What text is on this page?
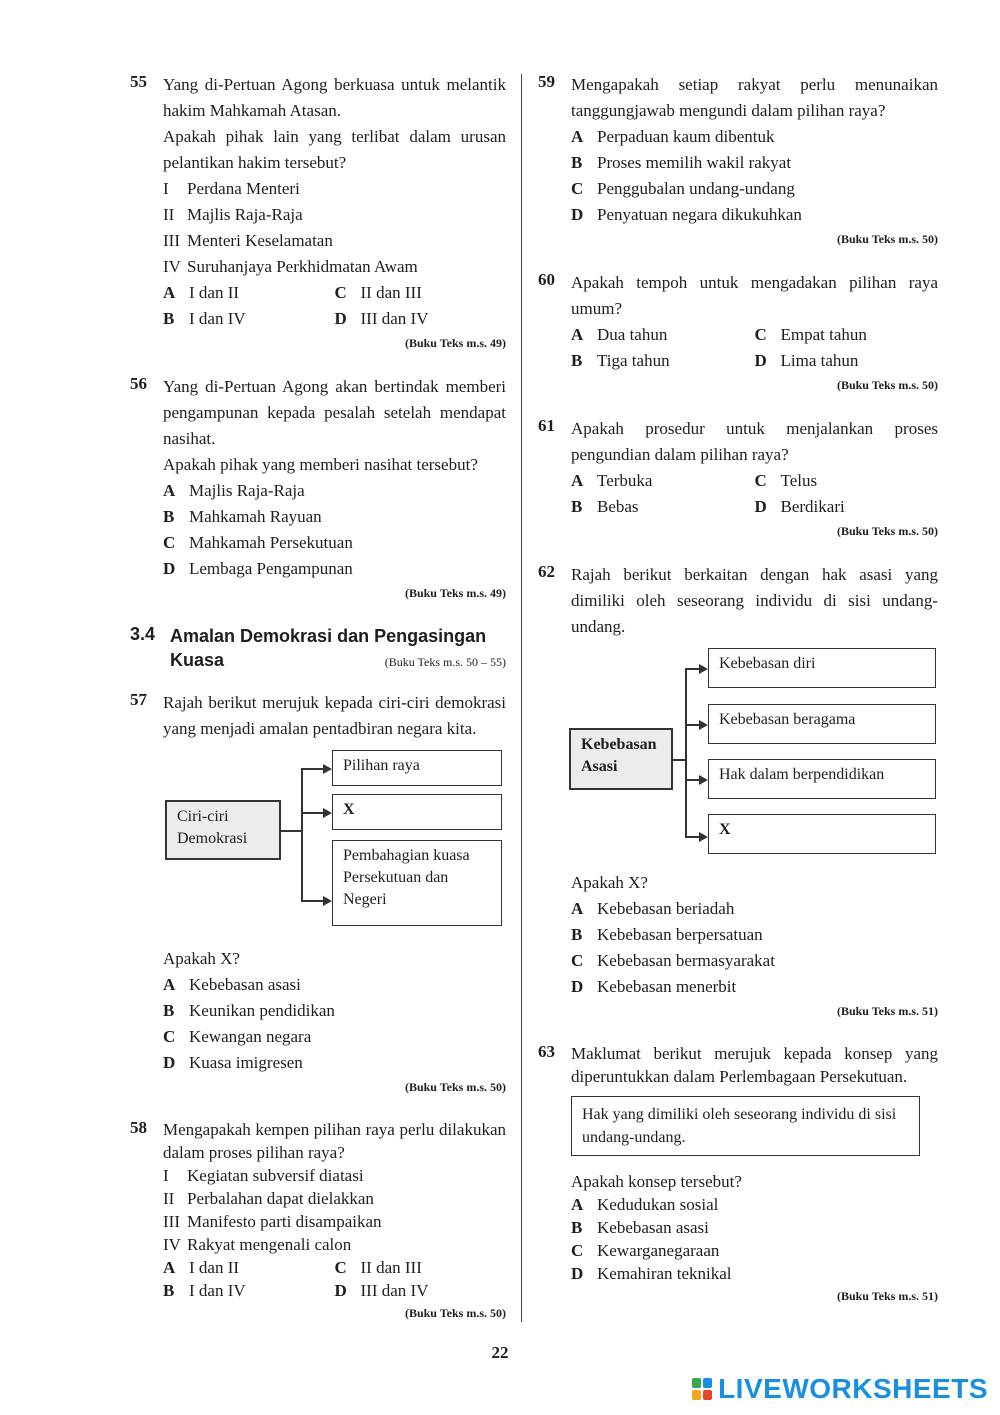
55 Yang di-Pertuan Agong berkuasa untuk melantik hakim Mahkamah Atasan.
Apakah pihak lain yang terlibat dalam urusan pelantikan hakim tersebut?
I	Perdana Menteri
II Majlis Raja-Raja
III Menteri Keselamatan
IV Suruhanjaya Perkhidmatan Awam
A I dan II	C II dan III
B I dan IV	D III dan IV
(Buku Teks m.s. 49)
56 Yang di-Pertuan Agong akan bertindak memberi pengampunan kepada pesalah setelah mendapat nasihat.
Apakah pihak yang memberi nasihat tersebut?
A Majlis Raja-Raja
B Mahkamah Rayuan
C Mahkamah Persekutuan
D Lembaga Pengampunan
(Buku Teks m.s. 49)
3.4 Amalan Demokrasi dan Pengasingan Kuasa	(Buku Teks m.s. 50 – 55)
57 Rajah berikut merujuk kepada ciri-ciri demokrasi yang menjadi amalan pentadbiran negara kita.
Ciri-ciri Demokrasi
Pilihan raya
X
Pembahagian kuasa Persekutuan dan Negeri
Apakah X?
A Kebebasan asasi
B Keunikan pendidikan
C Kewangan negara
D Kuasa imigresen
(Buku Teks m.s. 50)
58 Mengapakah kempen pilihan raya perlu dilakukan dalam proses pilihan raya?
I	Kegiatan subversif diatasi
II Perbalahan dapat dielakkan
III Manifesto parti disampaikan
IV Rakyat mengenali calon
A I dan II	C II dan III
B I dan IV	D III dan IV
(Buku Teks m.s. 50)
59 Mengapakah setiap rakyat perlu menunaikan tanggungjawab mengundi dalam pilihan raya?
A Perpaduan kaum dibentuk
B Proses memilih wakil rakyat
C Penggubalan undang-undang
D Penyatuan negara dikukuhkan
(Buku Teks m.s. 50)
60 Apakah tempoh untuk mengadakan pilihan raya umum?
A Dua tahun	C Empat tahun
B Tiga tahun	D Lima tahun
(Buku Teks m.s. 50)
61 Apakah prosedur untuk menjalankan proses pengundian dalam pilihan raya?
A Terbuka	C Telus
B Bebas	D Berdikari
(Buku Teks m.s. 50)
62 Rajah berikut berkaitan dengan hak asasi yang dimiliki oleh seseorang individu di sisi undang-undang.
Kebebasan Asasi
Kebebasan diri
Kebebasan beragama
Hak dalam berpendidikan
X
Apakah X?
A Kebebasan beriadah
B Kebebasan berpersatuan
C Kebebasan bermasyarakat
D Kebebasan menerbit
(Buku Teks m.s. 51)
63 Maklumat berikut merujuk kepada konsep yang diperuntukkan dalam Perlembagaan Persekutuan.
Hak yang dimiliki oleh seseorang individu di sisi undang-undang.
Apakah konsep tersebut?
A Kedudukan sosial
B Kebebasan asasi
C Kewarganegaraan
D Kemahiran teknikal
(Buku Teks m.s. 51)
22
LIVEWORKSHEETS
